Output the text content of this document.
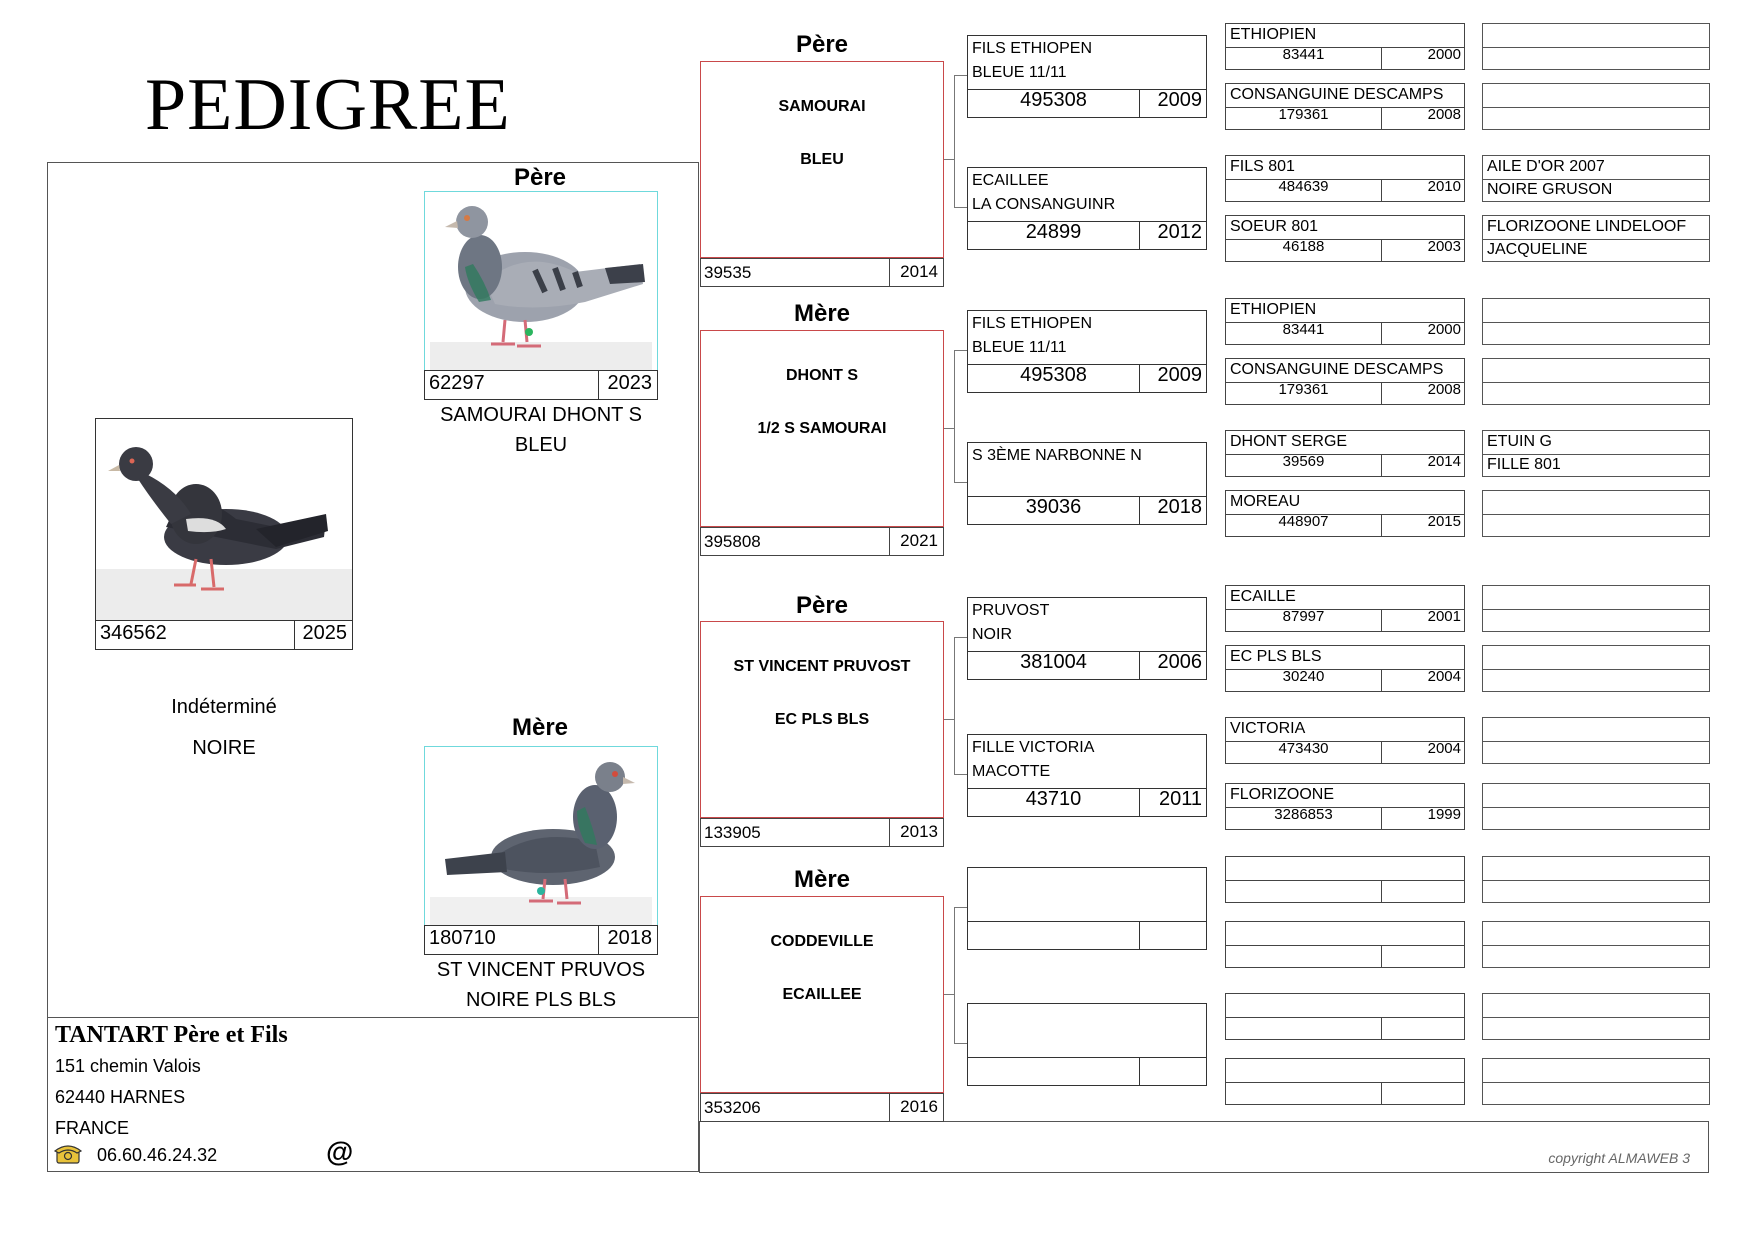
PEDIGREE
346562	2025
Indéterminé
NOIRE
Père
62297	2023
SAMOURAI DHONT S
BLEU
Mère
180710	2018
ST VINCENT PRUVOS
NOIRE PLS BLS
TANTART Père et Fils
151 chemin Valois
62440 HARNES
FRANCE
06.60.46.24.32	@	copyright ALMAWEB 3
Père
SAMOURAI
BLEU
39535	2014
Mère
DHONT S
1/2 S SAMOURAI
395808	2021
Père
ST VINCENT PRUVOST
EC PLS BLS
133905	2013
Mère
CODDEVILLE
ECAILLEE
353206	2016
FILS ETHIOPEN
BLEUE 11/11
495308	2009
ECAILLEE
LA CONSANGUINR
24899	2012
FILS ETHIOPEN
BLEUE 11/11
495308	2009
S 3ÈME NARBONNE N
39036	2018
PRUVOST
NOIR
381004	2006
FILLE VICTORIA
MACOTTE
43710	2011
ETHIOPIEN
83441	2000
CONSANGUINE DESCAMPS
179361	2008
FILS 801
484639	2010
SOEUR 801
46188	2003
ETHIOPIEN
83441	2000
CONSANGUINE DESCAMPS
179361	2008
DHONT SERGE
39569	2014
MOREAU
448907	2015
ECAILLE
87997	2001
EC PLS BLS
30240	2004
VICTORIA
473430	2004
FLORIZOONE
3286853	1999
AILE D'OR 2007
NOIRE GRUSON
FLORIZOONE LINDELOOF
JACQUELINE
ETUIN G
FILLE 801
